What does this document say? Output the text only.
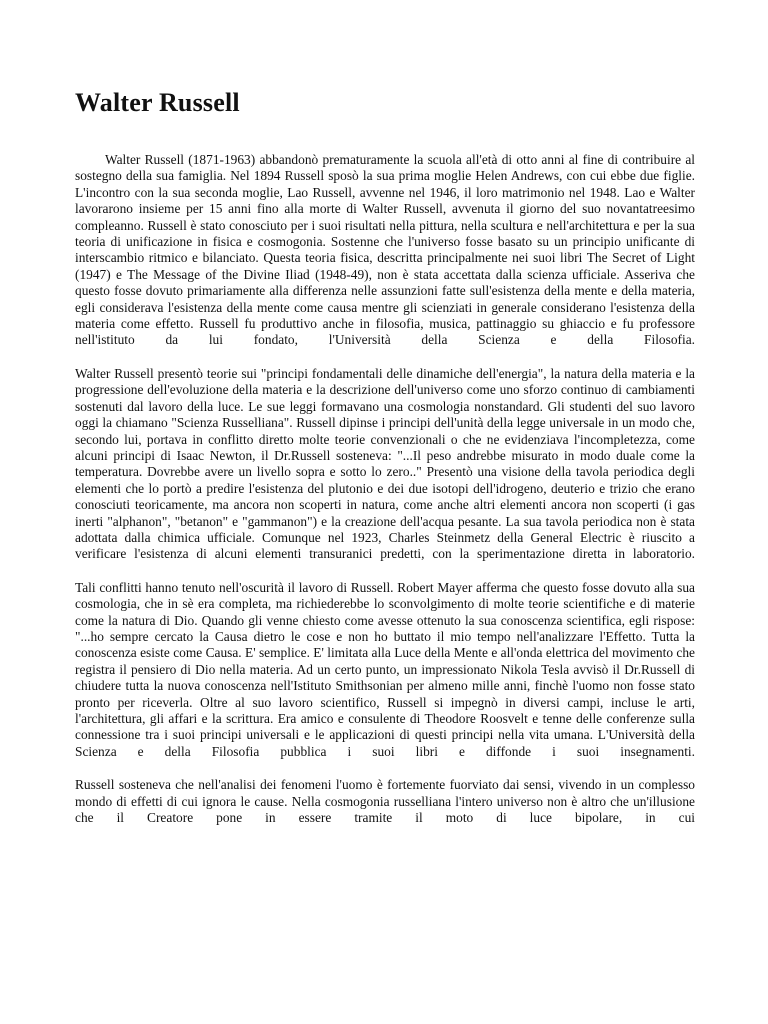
Walter Russell

Walter Russell (1871-1963) abbandonò prematuramente la scuola all'età di otto anni al fine di contribuire al sostegno della sua famiglia. Nel 1894 Russell sposò la sua prima moglie Helen Andrews, con cui ebbe due figlie. L'incontro con la sua seconda moglie, Lao Russell, avvenne nel 1946, il loro matrimonio nel 1948. Lao e Walter lavorarono insieme per 15 anni fino alla morte di Walter Russell, avvenuta il giorno del suo novantatreesimo compleanno. Russell è stato conosciuto per i suoi risultati nella pittura, nella scultura e nell'architettura e per la sua teoria di unificazione in fisica e cosmogonia. Sostenne che l'universo fosse basato su un principio unificante di interscambio ritmico e bilanciato. Questa teoria fisica, descritta principalmente nei suoi libri The Secret of Light (1947) e The Message of the Divine Iliad (1948-49), non è stata accettata dalla scienza ufficiale. Asseriva che questo fosse dovuto primariamente alla differenza nelle assunzioni fatte sull'esistenza della mente e della materia, egli considerava l'esistenza della mente come causa mentre gli scienziati in generale considerano l'esistenza della materia come effetto. Russell fu produttivo anche in filosofia, musica, pattinaggio su ghiaccio e fu professore nell'istituto da lui fondato, l'Università della Scienza e della Filosofia.

Walter Russell presentò teorie sui "principi fondamentali delle dinamiche dell'energia", la natura della materia e la progressione dell'evoluzione della materia e la descrizione dell'universo come uno sforzo continuo di cambiamenti sostenuti dal lavoro della luce. Le sue leggi formavano una cosmologia nonstandard. Gli studenti del suo lavoro oggi la chiamano "Scienza Russelliana". Russell dipinse i principi dell'unità della legge universale in un modo che, secondo lui, portava in conflitto diretto molte teorie convenzionali o che ne evidenziava l'incompletezza, come alcuni principi di Isaac Newton, il Dr.Russell sosteneva: "...Il peso andrebbe misurato in modo duale come la temperatura. Dovrebbe avere un livello sopra e sotto lo zero.." Presentò una visione della tavola periodica degli elementi che lo portò a predire l'esistenza del plutonio e dei due isotopi dell'idrogeno, deuterio e trizio che erano conosciuti teoricamente, ma ancora non scoperti in natura, come anche altri elementi ancora non scoperti (i gas inerti "alphanon", "betanon" e "gammanon") e la creazione dell'acqua pesante. La sua tavola periodica non è stata adottata dalla chimica ufficiale. Comunque nel 1923, Charles Steinmetz della General Electric è riuscito a verificare l'esistenza di alcuni elementi transuranici predetti, con la sperimentazione diretta in laboratorio.

Tali conflitti hanno tenuto nell'oscurità il lavoro di Russell. Robert Mayer afferma che questo fosse dovuto alla sua cosmologia, che in sè era completa, ma richiederebbe lo sconvolgimento di molte teorie scientifiche e di materie come la natura di Dio. Quando gli venne chiesto come avesse ottenuto la sua conoscenza scientifica, egli rispose: "...ho sempre cercato la Causa dietro le cose e non ho buttato il mio tempo nell'analizzare l'Effetto. Tutta la conoscenza esiste come Causa. E' semplice. E' limitata alla Luce della Mente e all'onda elettrica del movimento che registra il pensiero di Dio nella materia. Ad un certo punto, un impressionato Nikola Tesla avvisò il Dr.Russell di chiudere tutta la nuova conoscenza nell'Istituto Smithsonian per almeno mille anni, finchè l'uomo non fosse stato pronto per riceverla. Oltre al suo lavoro scientifico, Russell si impegnò in diversi campi, incluse le arti, l'architettura, gli affari e la scrittura. Era amico e consulente di Theodore Roosvelt e tenne delle conferenze sulla connessione tra i suoi principi universali e le applicazioni di questi principi nella vita umana. L'Università della Scienza e della Filosofia pubblica i suoi libri e diffonde i suoi insegnamenti.

Russell sosteneva che nell'analisi dei fenomeni l'uomo è fortemente fuorviato dai sensi, vivendo in un complesso mondo di effetti di cui ignora le cause. Nella cosmogonia russelliana l'intero universo non è altro che un'illusione che il Creatore pone in essere tramite il moto di luce bipolare, in cui
